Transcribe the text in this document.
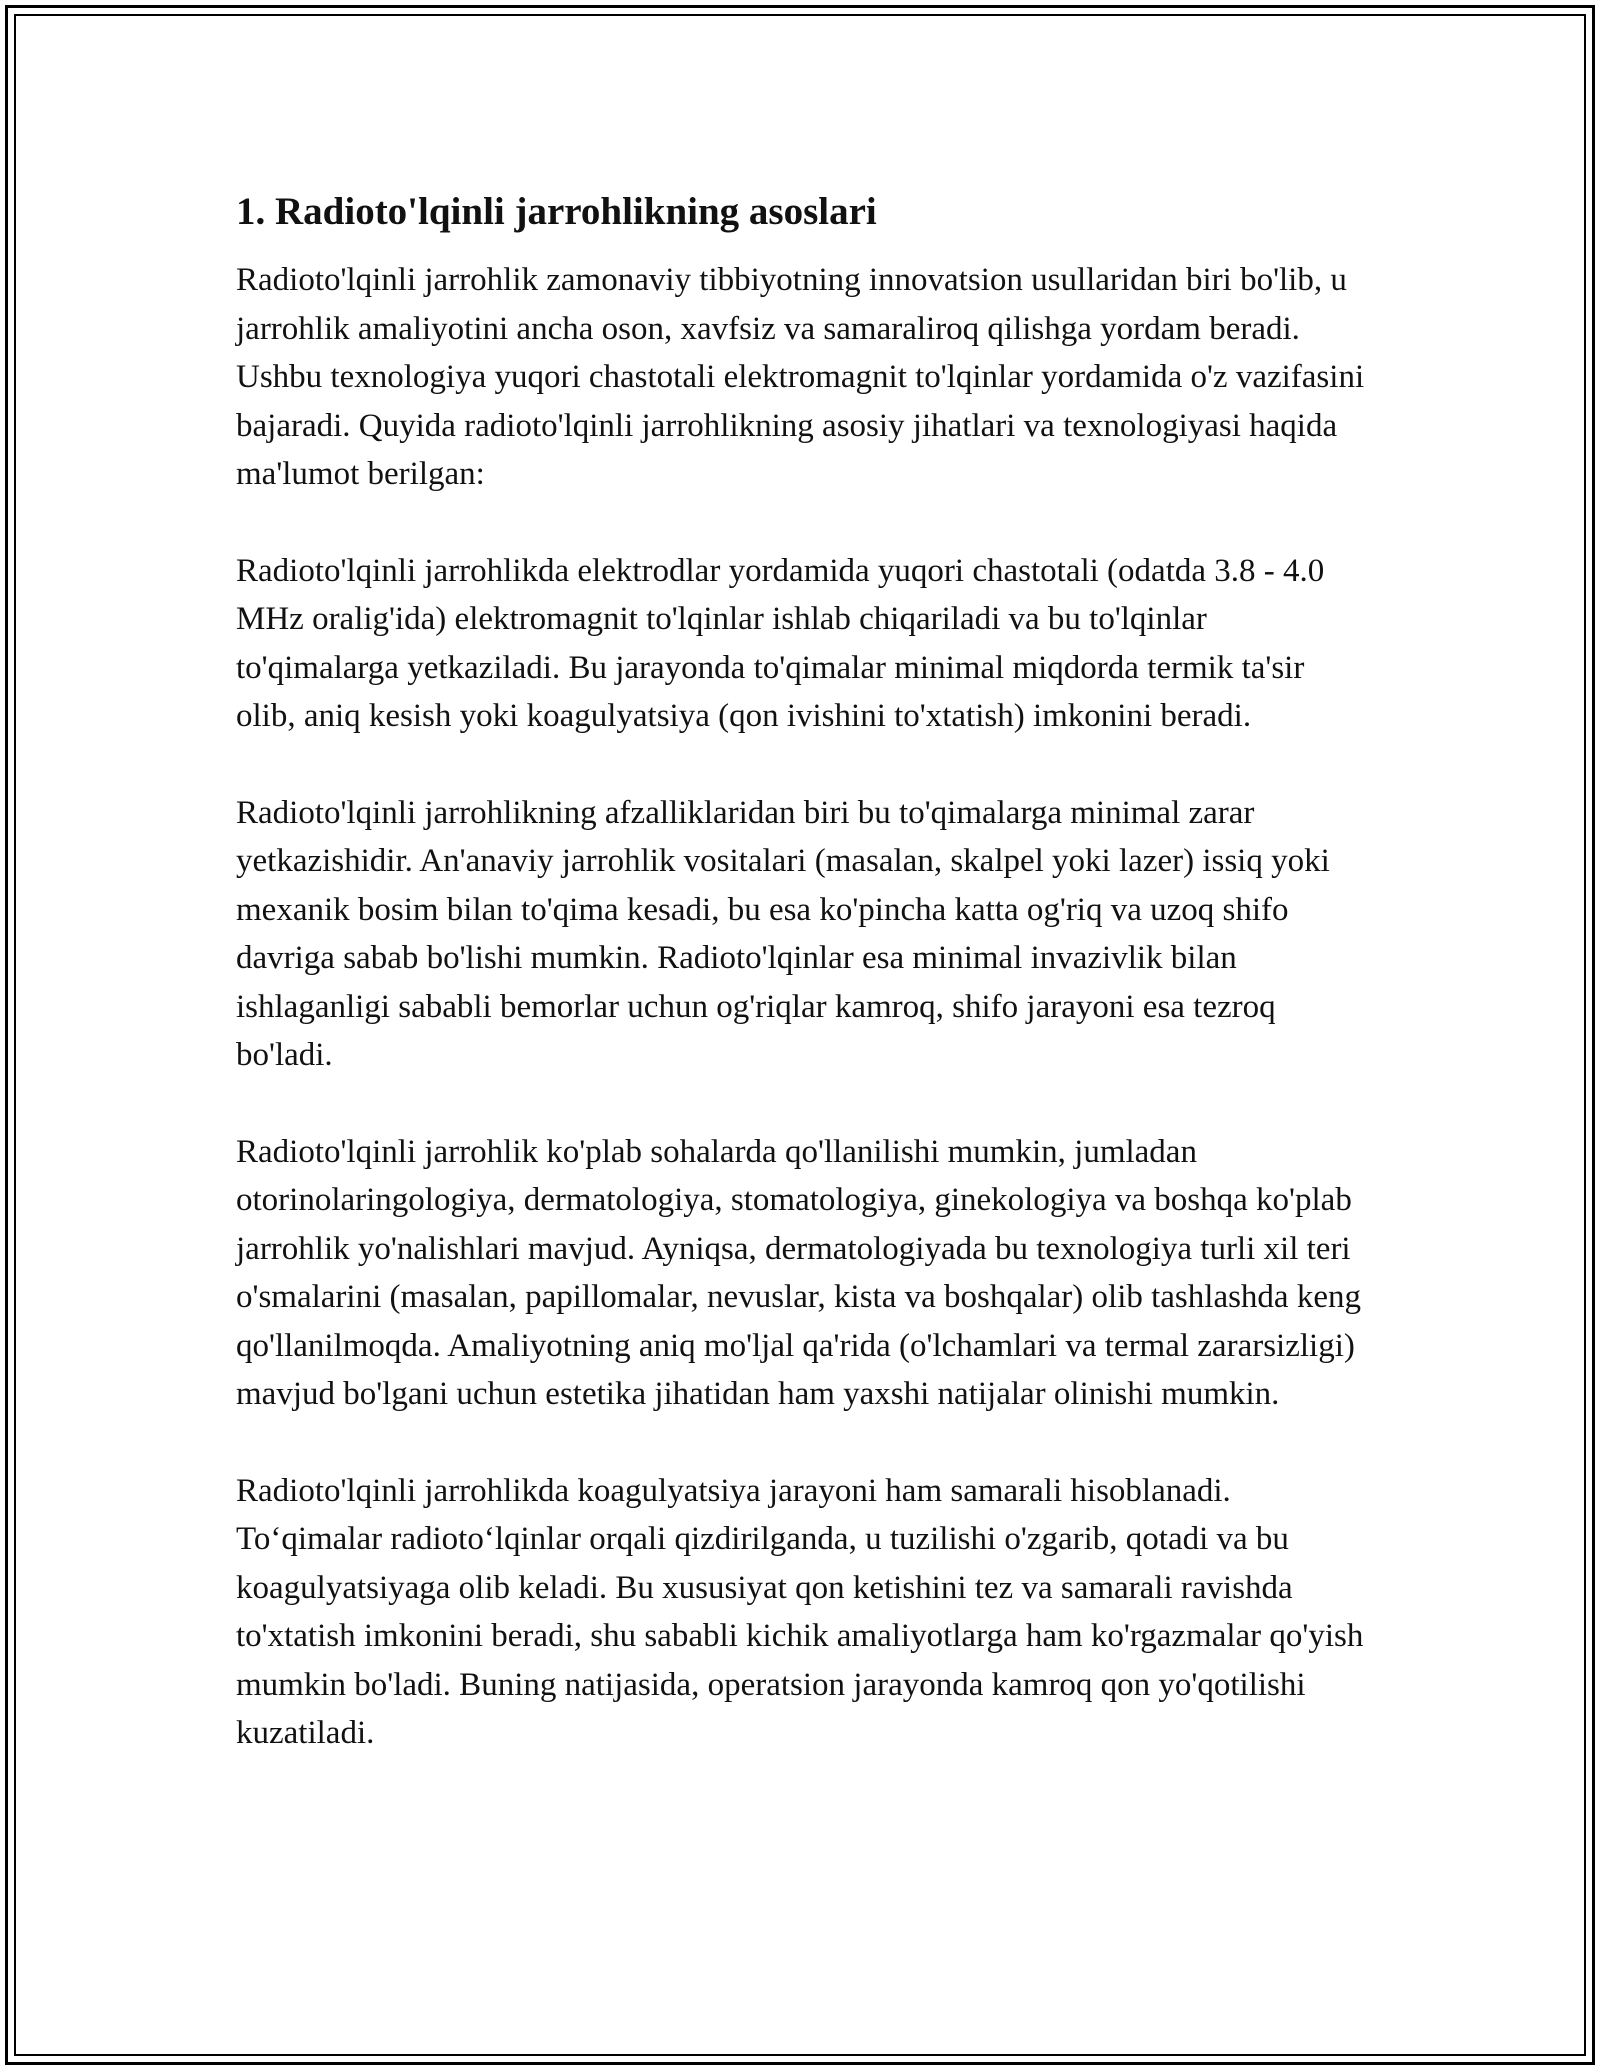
1. Radioto'lqinli jarrohlikning asoslari

Radioto'lqinli jarrohlik zamonaviy tibbiyotning innovatsion usullaridan biri bo'lib, u jarrohlik amaliyotini ancha oson, xavfsiz va samaraliroq qilishga yordam beradi. Ushbu texnologiya yuqori chastotali elektromagnit to'lqinlar yordamida o'z vazifasini bajaradi. Quyida radioto'lqinli jarrohlikning asosiy jihatlari va texnologiyasi haqida ma'lumot berilgan:

Radioto'lqinli jarrohlikda elektrodlar yordamida yuqori chastotali (odatda 3.8 - 4.0 MHz oralig'ida) elektromagnit to'lqinlar ishlab chiqariladi va bu to'lqinlar to'qimalarga yetkaziladi. Bu jarayonda to'qimalar minimal miqdorda termik ta'sir olib, aniq kesish yoki koagulyatsiya (qon ivishini to'xtatish) imkonini beradi.

Radioto'lqinli jarrohlikning afzalliklaridan biri bu to'qimalarga minimal zarar yetkazishidir. An'anaviy jarrohlik vositalari (masalan, skalpel yoki lazer) issiq yoki mexanik bosim bilan to'qima kesadi, bu esa ko'pincha katta og'riq va uzoq shifo davriga sabab bo'lishi mumkin. Radioto'lqinlar esa minimal invazivlik bilan ishlaganligi sababli bemorlar uchun og'riqlar kamroq, shifo jarayoni esa tezroq bo'ladi.

Radioto'lqinli jarrohlik ko'plab sohalarda qo'llanilishi mumkin, jumladan otorinolaringologiya, dermatologiya, stomatologiya, ginekologiya va boshqa ko'plab jarrohlik yo'nalishlari mavjud. Ayniqsa, dermatologiyada bu texnologiya turli xil teri o'smalarini (masalan, papillomalar, nevuslar, kista va boshqalar) olib tashlashda keng qo'llanilmoqda. Amaliyotning aniq mo'ljal qa'rida (o'lchamlari va termal zararsizligi) mavjud bo'lgani uchun estetika jihatidan ham yaxshi natijalar olinishi mumkin.

Radioto'lqinli jarrohlikda koagulyatsiya jarayoni ham samarali hisoblanadi. To‘qimalar radioto‘lqinlar orqali qizdirilganda, u tuzilishi o'zgarib, qotadi va bu koagulyatsiyaga olib keladi. Bu xususiyat qon ketishini tez va samarali ravishda to'xtatish imkonini beradi, shu sababli kichik amaliyotlarga ham ko'rgazmalar qo'yish mumkin bo'ladi. Buning natijasida, operatsion jarayonda kamroq qon yo'qotilishi kuzatiladi.
